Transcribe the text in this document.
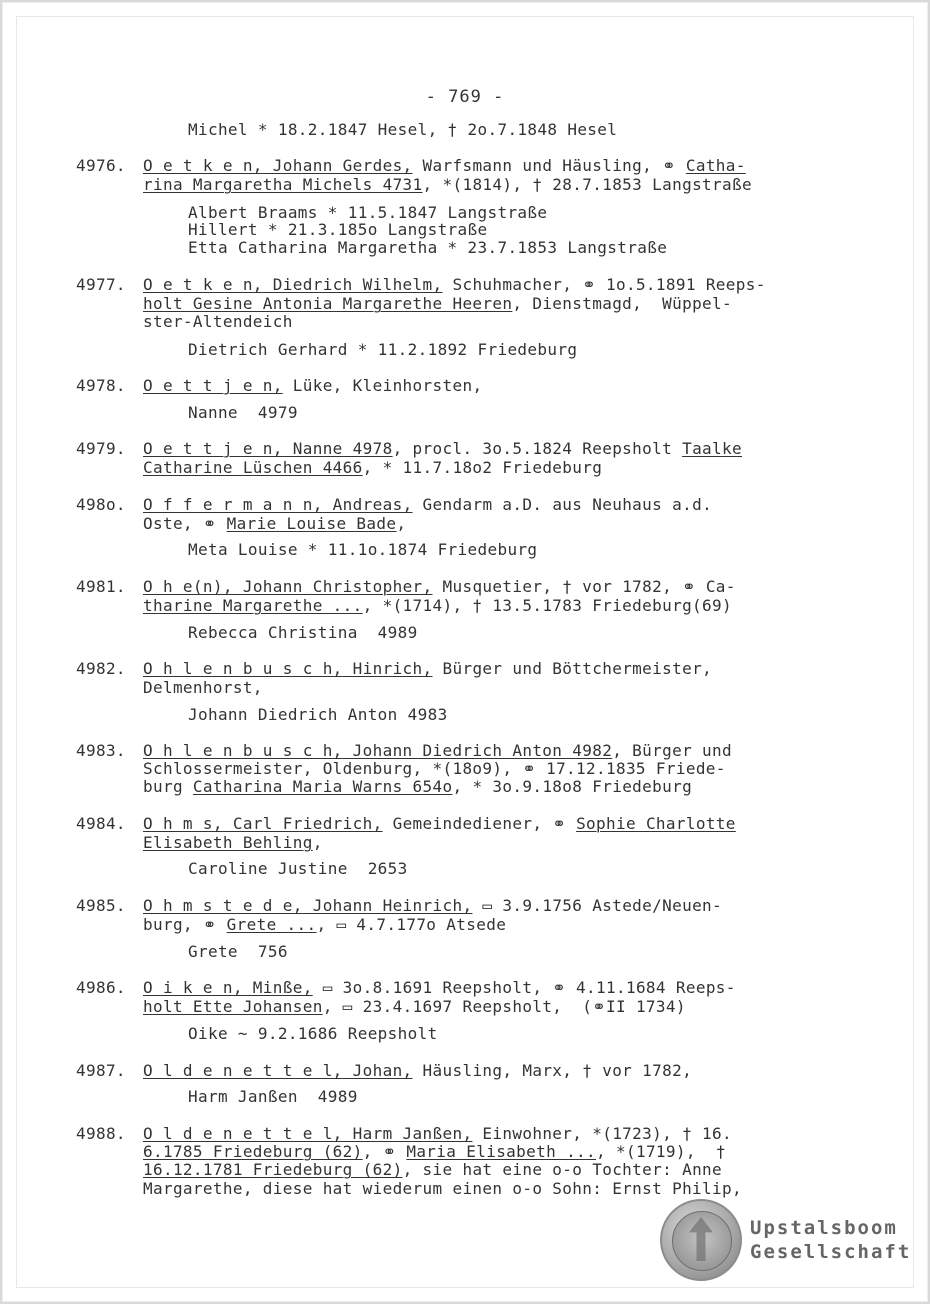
- 769 -
Michel * 18.2.1847 Hesel, † 2o.7.1848 Hesel
4976. O e t k e n, Johann Gerdes, Warfsmann und Häusling, ⚭ Catha-
rina Margaretha Michels 4731, *(1814), † 28.7.1853 Langstraße
Albert Braams * 11.5.1847 Langstraße
Hillert * 21.3.185o Langstraße
Etta Catharina Margaretha * 23.7.1853 Langstraße
4977. O e t k e n, Diedrich Wilhelm, Schuhmacher, ⚭ 1o.5.1891 Reeps-
holt Gesine Antonia Margarethe Heeren, Dienstmagd,  Wüppel-
ster-Altendeich
Dietrich Gerhard * 11.2.1892 Friedeburg
4978. O e t t j e n, Lüke, Kleinhorsten,
Nanne  4979
4979. O e t t j e n, Nanne 4978, procl. 3o.5.1824 Reepsholt Taalke
Catharine Lüschen 4466, * 11.7.18o2 Friedeburg
498o. O f f e r m a n n, Andreas, Gendarm a.D. aus Neuhaus a.d.
Oste, ⚭ Marie Louise Bade,
Meta Louise * 11.1o.1874 Friedeburg
4981. O h e(n), Johann Christopher, Musquetier, † vor 1782, ⚭ Ca-
tharine Margarethe ..., *(1714), † 13.5.1783 Friedeburg(69)
Rebecca Christina  4989
4982. O h l e n b u s c h, Hinrich, Bürger und Böttchermeister,
Delmenhorst,
Johann Diedrich Anton 4983
4983. O h l e n b u s c h, Johann Diedrich Anton 4982, Bürger und
Schlossermeister, Oldenburg, *(18o9), ⚭ 17.12.1835 Friede-
burg Catharina Maria Warns 654o, * 3o.9.18o8 Friedeburg
4984. O h m s, Carl Friedrich, Gemeindediener, ⚭ Sophie Charlotte
Elisabeth Behling,
Caroline Justine  2653
4985. O h m s t e d e, Johann Heinrich, ▭ 3.9.1756 Astede/Neuen-
burg, ⚭ Grete ..., ▭ 4.7.177o Atsede
Grete  756
4986. O i k e n, Minße, ▭ 3o.8.1691 Reepsholt, ⚭ 4.11.1684 Reeps-
holt Ette Johansen, ▭ 23.4.1697 Reepsholt,  (⚭II 1734)
Oike ~ 9.2.1686 Reepsholt
4987. O l d e n e t t e l, Johan, Häusling, Marx, † vor 1782,
Harm Janßen  4989
4988. O l d e n e t t e l, Harm Janßen, Einwohner, *(1723), † 16.
6.1785 Friedeburg (62), ⚭ Maria Elisabeth ..., *(1719),  †
16.12.1781 Friedeburg (62), sie hat eine o-o Tochter: Anne
Margarethe, diese hat wiederum einen o-o Sohn: Ernst Philip,
Upstalsboom
Gesellschaft
